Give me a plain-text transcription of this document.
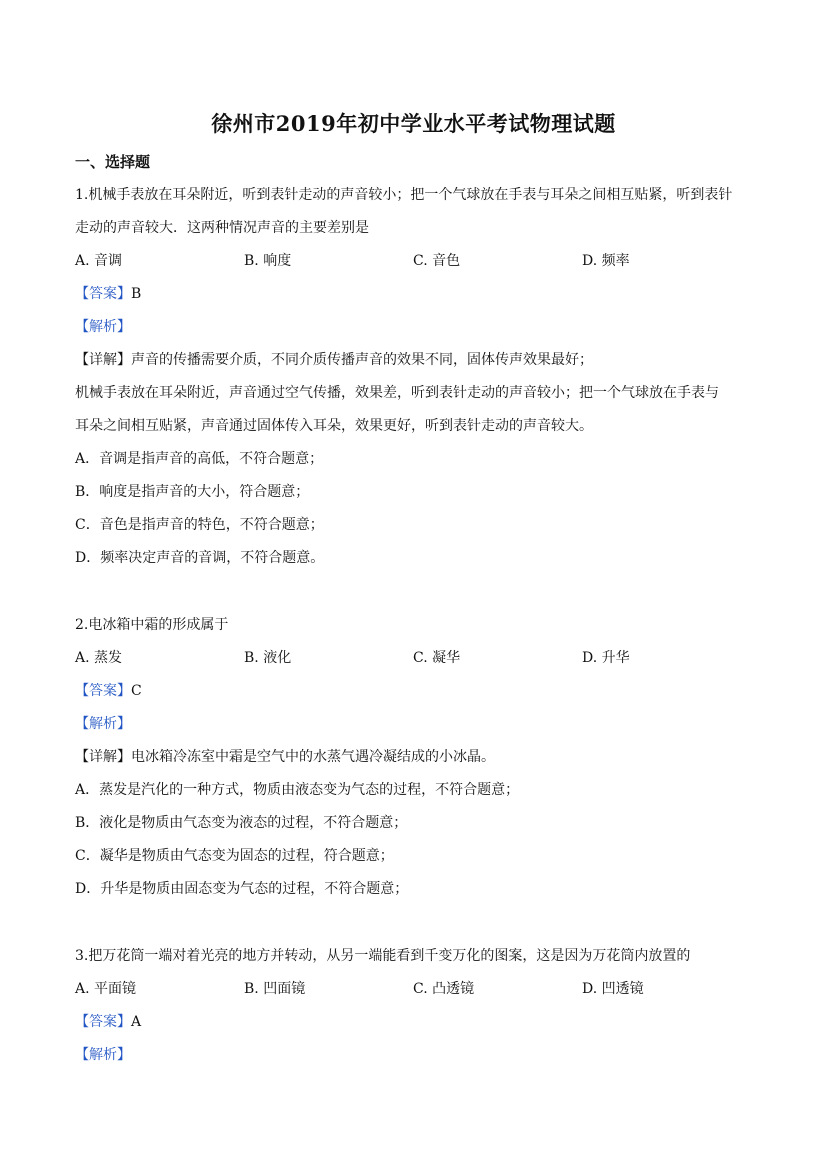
徐州市2019年初中学业水平考试物理试题
一、选择题
1.机械手表放在耳朵附近，听到表针走动的声音较小；把一个气球放在手表与耳朵之间相互贴紧，听到表针
走动的声音较大．这两种情况声音的主要差别是
A. 音调	B. 响度	C. 音色	D. 频率
【答案】B
【解析】
【详解】声音的传播需要介质，不同介质传播声音的效果不同，固体传声效果最好；
机械手表放在耳朵附近，声音通过空气传播，效果差，听到表针走动的声音较小；把一个气球放在手表与
耳朵之间相互贴紧，声音通过固体传入耳朵，效果更好，听到表针走动的声音较大。
A．音调是指声音的高低，不符合题意；
B．响度是指声音的大小，符合题意；
C．音色是指声音的特色，不符合题意；
D．频率决定声音的音调，不符合题意。
2.电冰箱中霜的形成属于
A. 蒸发	B. 液化	C. 凝华	D. 升华
【答案】C
【解析】
【详解】电冰箱冷冻室中霜是空气中的水蒸气遇冷凝结成的小冰晶。
A．蒸发是汽化的一种方式，物质由液态变为气态的过程，不符合题意；
B．液化是物质由气态变为液态的过程，不符合题意；
C．凝华是物质由气态变为固态的过程，符合题意；
D．升华是物质由固态变为气态的过程，不符合题意；
3.把万花筒一端对着光亮的地方并转动，从另一端能看到千变万化的图案，这是因为万花筒内放置的
A. 平面镜	B. 凹面镜	C. 凸透镜	D. 凹透镜
【答案】A
【解析】
